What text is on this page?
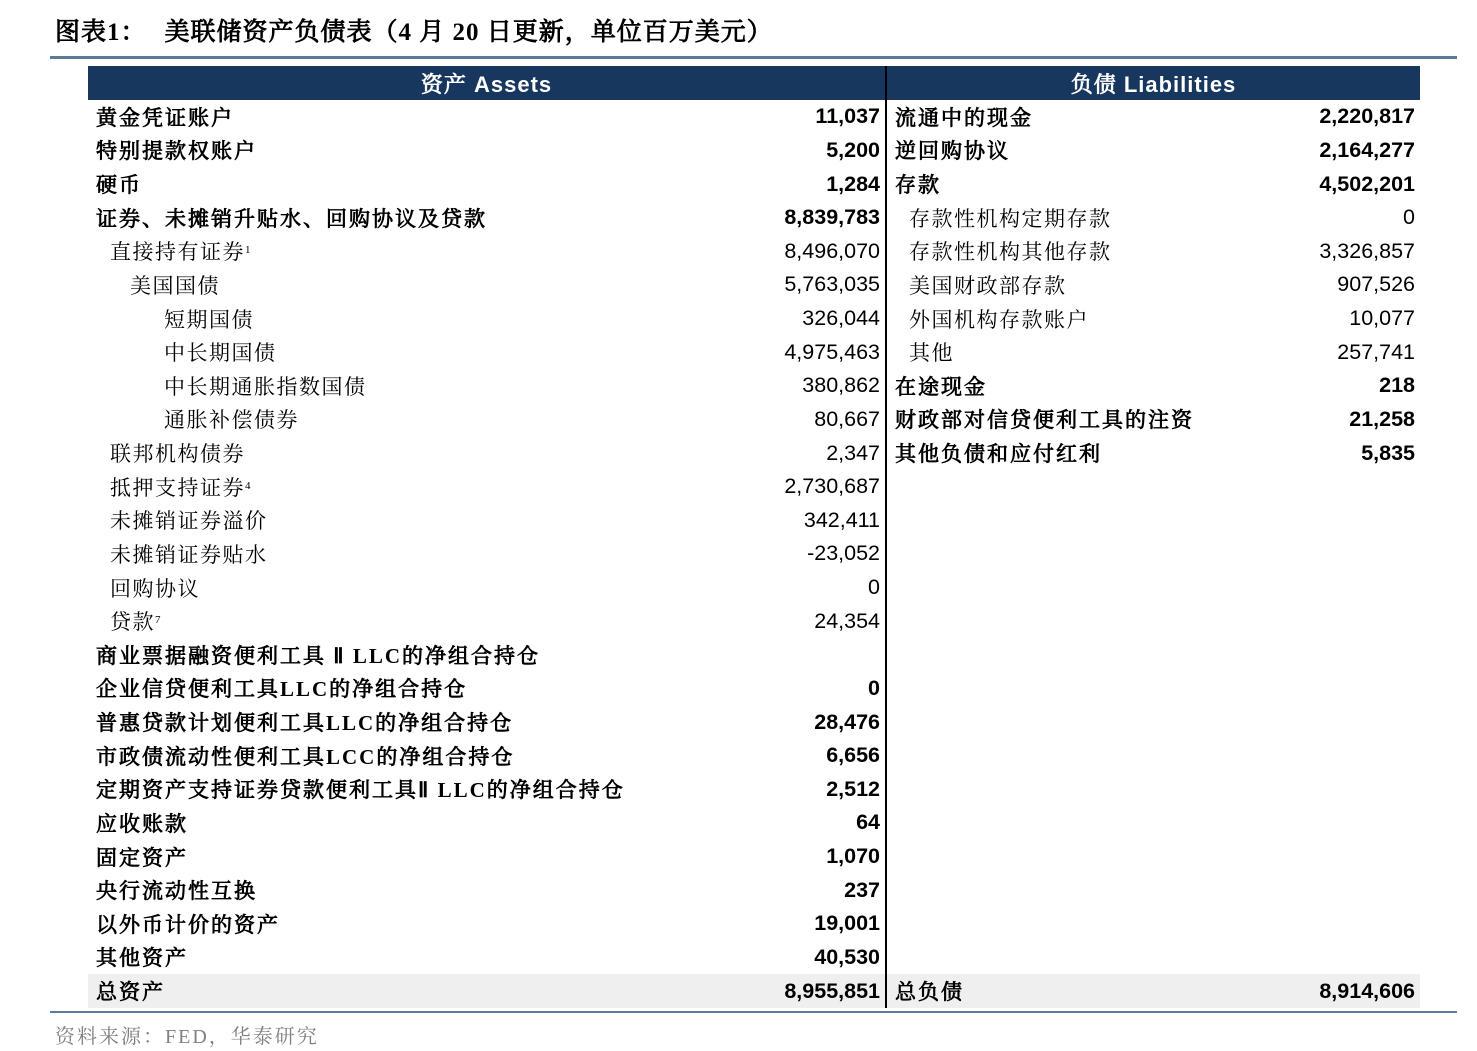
图表1： 美联储资产负债表（4 月 20 日更新，单位百万美元）
资产 Assets
黄金凭证账户	11,037
特别提款权账户	5,200
硬币	1,284
证券、未摊销升贴水、回购协议及贷款	8,839,783
直接持有证券$^1$	8,496,070
美国国债	5,763,035
短期国债	326,044
中长期国债	4,975,463
中长期通胀指数国债	380,862
通胀补偿债券	80,667
联邦机构债券	2,347
抵押支持证券$^4$	2,730,687
未摊销证券溢价	342,411
未摊销证券贴水	-23,052
回购协议	0
贷款$^7$	24,354
商业票据融资便利工具 Ⅱ LLC的净组合持仓
企业信贷便利工具LLC的净组合持仓	0
普惠贷款计划便利工具LLC的净组合持仓	28,476
市政债流动性便利工具LCC的净组合持仓	6,656
定期资产支持证券贷款便利工具Ⅱ LLC的净组合持仓	2,512
应收账款	64
固定资产	1,070
央行流动性互换	237
以外币计价的资产	19,001
其他资产	40,530
总资产	8,955,851
负债 Liabilities
流通中的现金	2,220,817
逆回购协议	2,164,277
存款	4,502,201
存款性机构定期存款	0
存款性机构其他存款	3,326,857
美国财政部存款	907,526
外国机构存款账户	10,077
其他	257,741
在途现金	218
财政部对信贷便利工具的注资	21,258
其他负债和应付红利	5,835
总负债	8,914,606
资料来源：FED，华泰研究
